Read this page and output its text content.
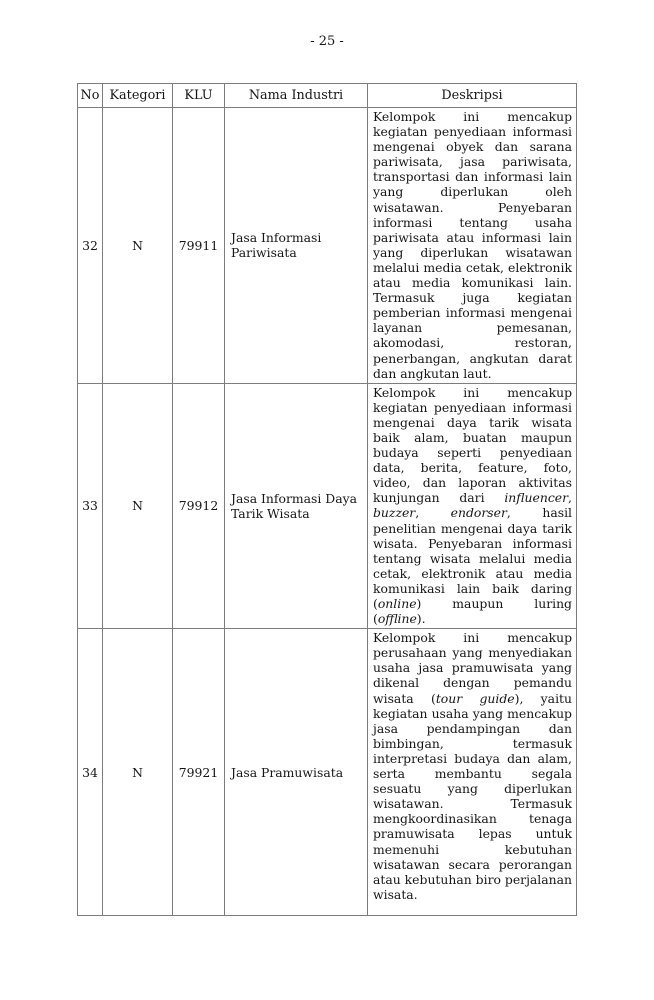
- 25 -
No	Kategori	KLU	Nama Industri	Deskripsi
32	N	79911	Jasa Informasi Pariwisata	Kelompok ini mencakup kegiatan penyediaan informasi mengenai obyek dan sarana pariwisata, jasa pariwisata, transportasi dan informasi lain yang diperlukan oleh wisatawan. Penyebaran informasi tentang usaha pariwisata atau informasi lain yang diperlukan wisatawan melalui media cetak, elektronik atau media komunikasi lain. Termasuk juga kegiatan pemberian informasi mengenai layanan pemesanan, akomodasi, restoran, penerbangan, angkutan darat dan angkutan laut.
33	N	79912	Jasa Informasi Daya Tarik Wisata	Kelompok ini mencakup kegiatan penyediaan informasi mengenai daya tarik wisata baik alam, buatan maupun budaya seperti penyediaan data, berita, feature, foto, video, dan laporan aktivitas kunjungan dari influencer, buzzer, endorser, hasil penelitian mengenai daya tarik wisata. Penyebaran informasi tentang wisata melalui media cetak, elektronik atau media komunikasi lain baik daring (online) maupun luring (offline).
34	N	79921	Jasa Pramuwisata	Kelompok ini mencakup perusahaan yang menyediakan usaha jasa pramuwisata yang dikenal dengan pemandu wisata (tour guide), yaitu kegiatan usaha yang mencakup jasa pendampingan dan bimbingan, termasuk interpretasi budaya dan alam, serta membantu segala sesuatu yang diperlukan wisatawan. Termasuk mengkoordinasikan tenaga pramuwisata lepas untuk memenuhi kebutuhan wisatawan secara perorangan atau kebutuhan biro perjalanan wisata.
